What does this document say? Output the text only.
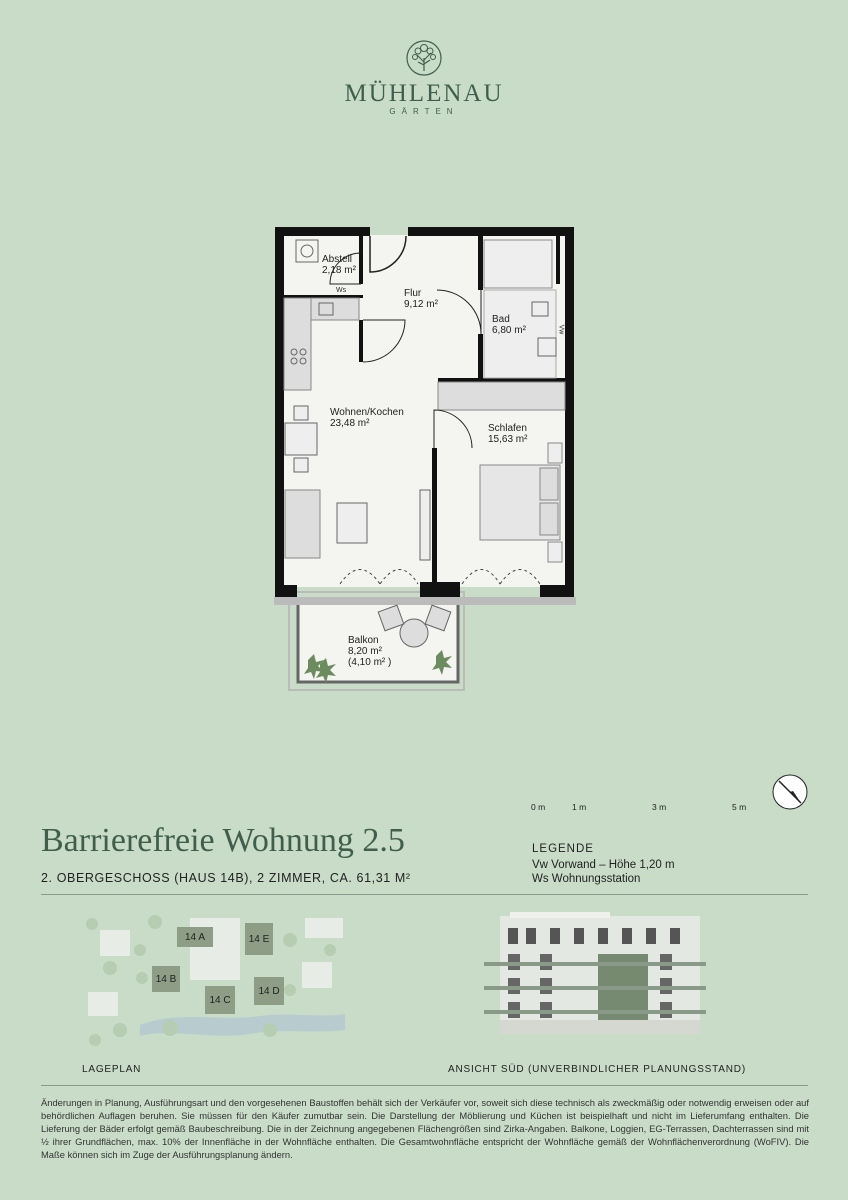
MÜHLENAU
GÄRTEN
Abstell
2,18 m²
Flur
9,12 m²
Bad
6,80 m²
Wohnen/Kochen
23,48 m²	Schlafen
15,63 m²
Balkon
8,20 m²
(4,10 m² )
Ws
Vw
0 m	1 m	3 m	5 m
Barrierefreie Wohnung 2.5
2. OBERGESCHOSS (HAUS 14B), 2 ZIMMER, CA. 61,31 M²
LEGENDE
Vw Vorwand – Höhe 1,20 m
Ws Wohnungsstation
14 A	14 E
14 B
14 C
14 D
LAGEPLAN	ANSICHT SÜD (UNVERBINDLICHER PLANUNGSSTAND)
Änderungen in Planung, Ausführungsart und den vorgesehenen Baustoffen behält sich der Verkäufer vor, soweit sich diese technisch als zweckmäßig oder notwendig erweisen oder auf behördlichen Auflagen beruhen. Sie müssen für den Käufer zumutbar sein. Die Darstellung der Möblierung und Küchen ist beispielhaft und nicht im Lieferumfang enthalten. Die Lieferung der Bäder erfolgt gemäß Baubeschreibung. Die in der Zeichnung angegebenen Flächengrößen sind Zirka-Angaben. Balkone, Loggien, EG-Terrassen, Dachterrassen sind mit ½ ihrer Grundflächen, max. 10% der Innenfläche in der Wohnfläche enthalten. Die Gesamtwohnfläche entspricht der Wohnfläche gemäß der Wohnflächenverordnung (WoFIV). Die Maße können sich im Zuge der Ausführungsplanung ändern.
